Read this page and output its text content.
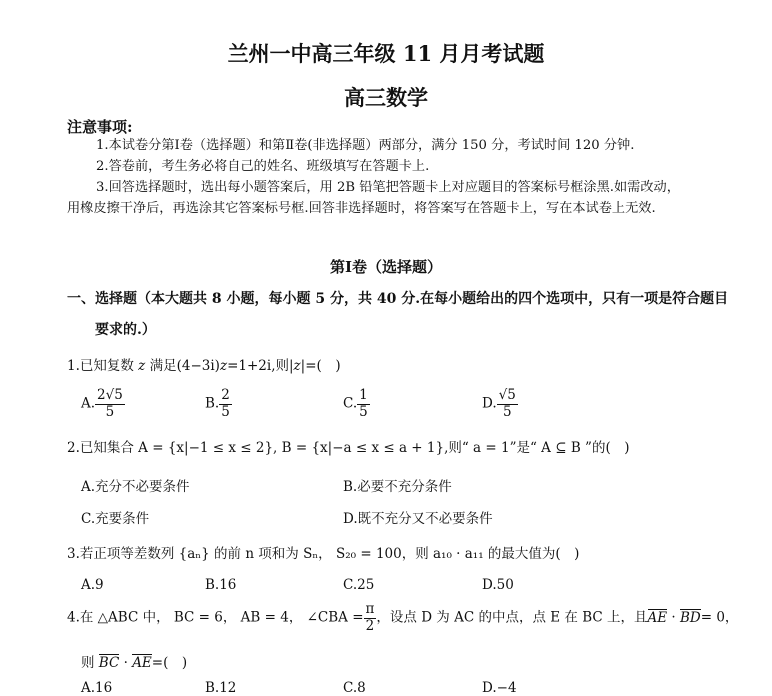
兰州一中高三年级 11 月月考试题
高三数学
注意事项:
1.本试卷分第Ⅰ卷（选择题）和第Ⅱ卷(非选择题）两部分，满分 150 分，考试时间 120 分钟.
2.答卷前，考生务必将自己的姓名、班级填写在答题卡上.
3.回答选择题时，选出每小题答案后，用 2B 铅笔把答题卡上对应题目的答案标号框涂黑.如需改动，
用橡皮擦干净后，再选涂其它答案标号框.回答非选择题时，将答案写在答题卡上，写在本试卷上无效.
第Ⅰ卷（选择题）
一、选择题（本大题共 8 小题，每小题 5 分，共 40 分.在每小题给出的四个选项中，只有一项是符合题目
要求的.）
1.已知复数 z 满足(4−3i)z=1+2i,则|z|=(　)
A. $\frac{2√5}{5}$	B. $\frac{2}{5}$	C. $\frac{1}{5}$	D. $\frac{√5}{5}$
2.已知集合 A = {x|−1 ≤ x ≤ 2}, B = {x|−a ≤ x ≤ a + 1},则“ a = 1”是“ A ⊆ B ”的(　)
A.充分不必要条件	B.必要不充分条件
C.充要条件	D.既不充分又不必要条件
3.若正项等差数列 {aₙ} 的前 n 项和为 Sₙ， S₂₀ = 100，则 a₁₀ · a₁₁ 的最大值为(　)
A.9	B.16	C.25	D.50
4.在 △ABC 中， BC = 6， AB = 4， ∠CBA = $\frac{\pi}{2}$ ，设点 D 为 AC 的中点，点 E 在 BC 上，且AE · BD= 0，
则 BC · AE=(　)
A.16	B.12	C.8	D.−4
